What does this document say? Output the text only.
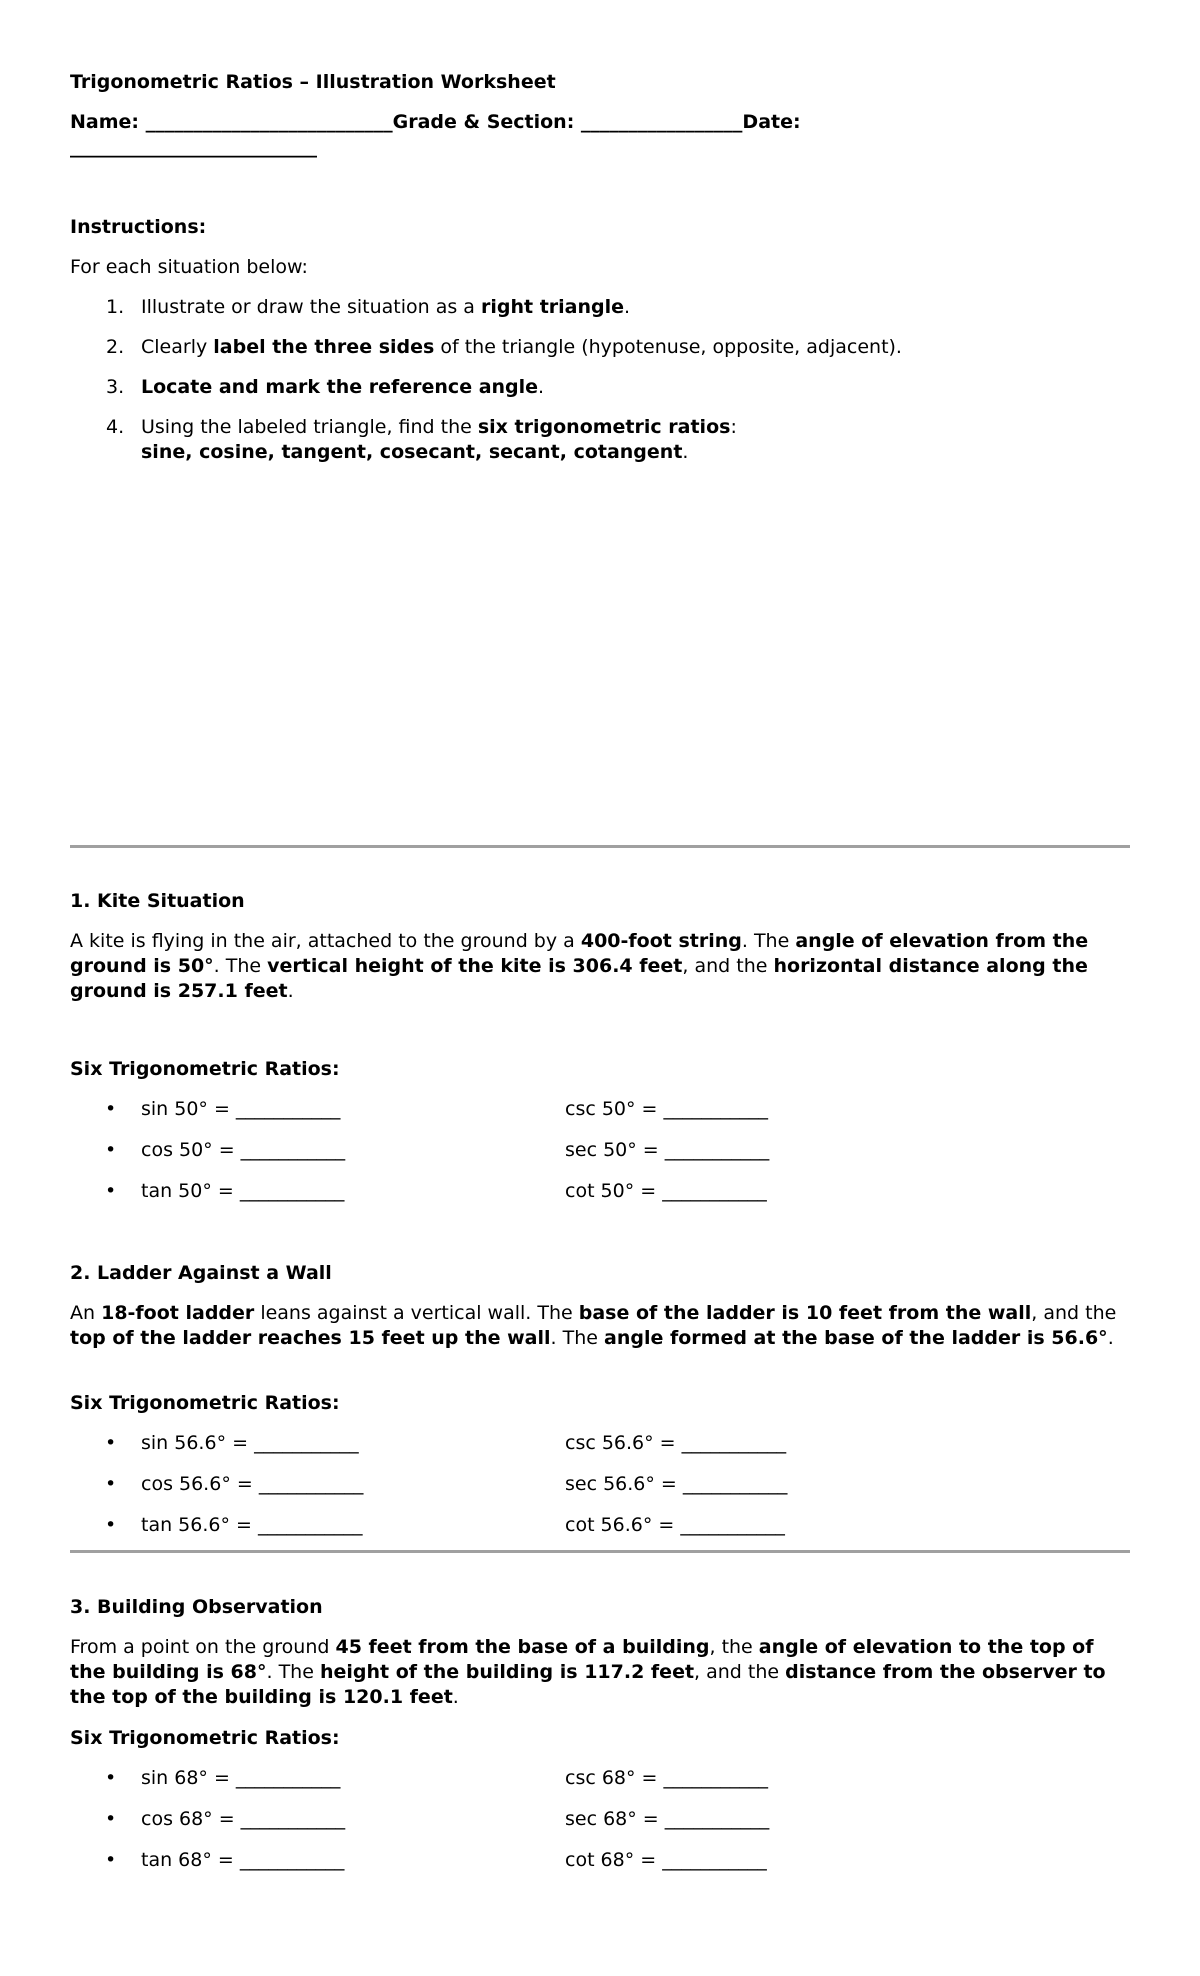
Trigonometric Ratios – Illustration Worksheet
Name: __________________________Grade & Section: _________________Date:
__________________________
Instructions:
For each situation below:
1. Illustrate or draw the situation as a right triangle.
2. Clearly label the three sides of the triangle (hypotenuse, opposite, adjacent).
3. Locate and mark the reference angle.
4. Using the labeled triangle, find the six trigonometric ratios:
sine, cosine, tangent, cosecant, secant, cotangent.
1. Kite Situation

A kite is flying in the air, attached to the ground by a 400-foot string. The angle of elevation from the ground is 50°. The vertical height of the kite is 306.4 feet, and the horizontal distance along the ground is 257.1 feet.

Six Trigonometric Ratios:
• sin 50° = ___________	csc 50° = ___________
• cos 50° = ___________	sec 50° = ___________
• tan 50° = ___________	cot 50° = ___________
2. Ladder Against a Wall

An 18-foot ladder leans against a vertical wall. The base of the ladder is 10 feet from the wall, and the top of the ladder reaches 15 feet up the wall. The angle formed at the base of the ladder is 56.6°.

Six Trigonometric Ratios:
• sin 56.6° = ___________	csc 56.6° = ___________
• cos 56.6° = ___________	sec 56.6° = ___________
• tan 56.6° = ___________	cot 56.6° = ___________
3. Building Observation

From a point on the ground 45 feet from the base of a building, the angle of elevation to the top of the building is 68°. The height of the building is 117.2 feet, and the distance from the observer to the top of the building is 120.1 feet.

Six Trigonometric Ratios:
• sin 68° = ___________	csc 68° = ___________
• cos 68° = ___________	sec 68° = ___________
• tan 68° = ___________	cot 68° = ___________
